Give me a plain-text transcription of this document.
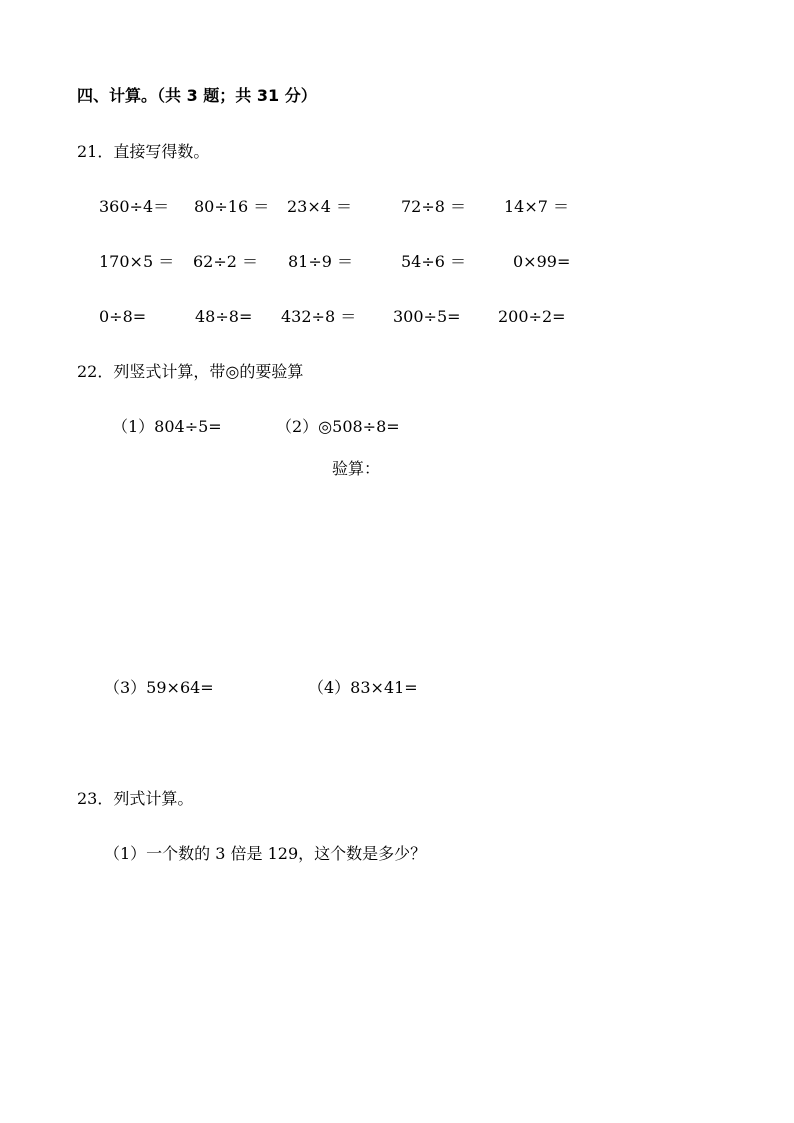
四、计算。（共 3 题；共 31 分）
21．直接写得数。
360÷4＝ 80÷16 ＝ 23×4 ＝	72÷8 ＝ 14×7 ＝
170×5 ＝ 62÷2 ＝ 81÷9 ＝	54÷6 ＝	0×99=
0÷8=	48÷8= 432÷8 ＝ 300÷5= 200÷2=
22．列竖式计算，带◎的要验算
（1）804÷5=	（2）◎508÷8=
验算：
（3）59×64=	（4）83×41=
23．列式计算。
（1）一个数的 3 倍是 129，这个数是多少？
